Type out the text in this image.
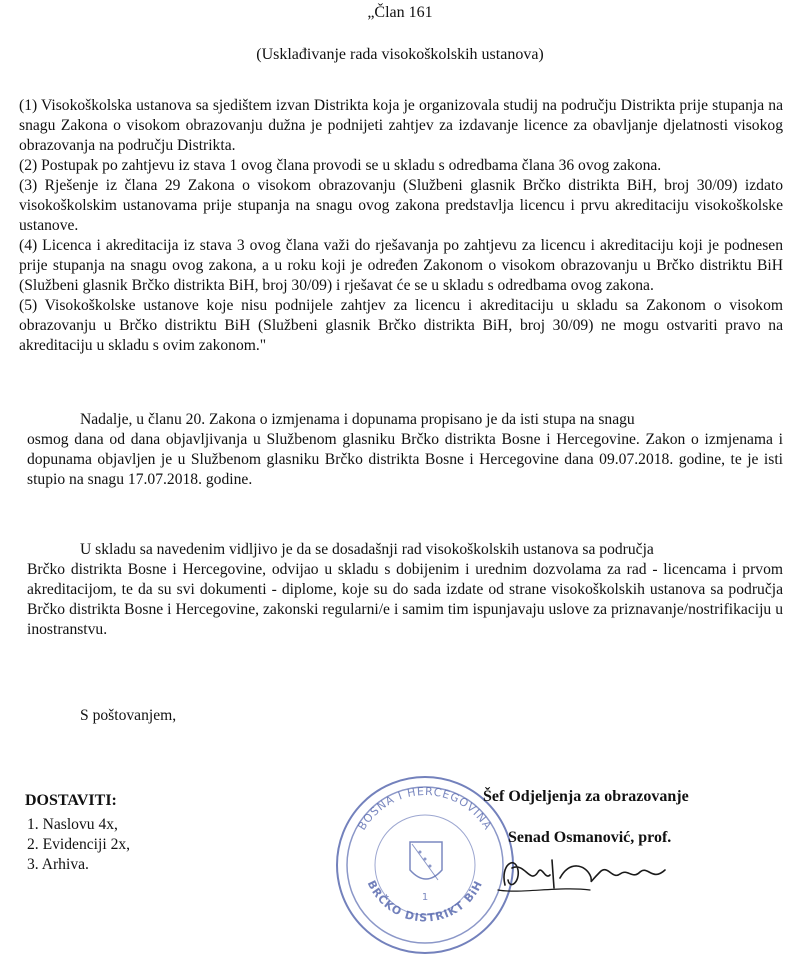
„Član 161
(Usklađivanje rada visokoškolskih ustanova)

(1) Visokoškolska ustanova sa sjedištem izvan Distrikta koja je organizovala studij na području Distrikta prije stupanja na snagu Zakona o visokom obrazovanju dužna je podnijeti zahtjev za izdavanje licence za obavljanje djelatnosti visokog obrazovanja na području Distrikta.

(2) Postupak po zahtjevu iz stava 1 ovog člana provodi se u skladu s odredbama člana 36 ovog zakona.

(3) Rješenje iz člana 29 Zakona o visokom obrazovanju (Službeni glasnik Brčko distrikta BiH, broj 30/09) izdato visokoškolskim ustanovama prije stupanja na snagu ovog zakona predstavlja licencu i prvu akreditaciju visokoškolske ustanove.

(4) Licenca i akreditacija iz stava 3 ovog člana važi do rješavanja po zahtjevu za licencu i akreditaciju koji je podnesen prije stupanja na snagu ovog zakona, a u roku koji je određen Zakonom o visokom obrazovanju u Brčko distriktu BiH (Službeni glasnik Brčko distrikta BiH, broj 30/09) i rješavat će se u skladu s odredbama ovog zakona.

(5) Visokoškolske ustanove koje nisu podnijele zahtjev za licencu i akreditaciju u skladu sa Zakonom o visokom obrazovanju u Brčko distriktu BiH (Službeni glasnik Brčko distrikta BiH, broj 30/09) ne mogu ostvariti pravo na akreditaciju u skladu s ovim zakonom."

Nadalje, u članu 20. Zakona o izmjenama i dopunama propisano je da isti stupa na snagu

osmog dana od dana objavljivanja u Službenom glasniku Brčko distrikta Bosne i Hercegovine. Zakon o izmjenama i dopunama objavljen je u Službenom glasniku Brčko distrikta Bosne i Hercegovine dana 09.07.2018. godine, te je isti stupio na snagu 17.07.2018. godine.

U skladu sa navedenim vidljivo je da se dosadašnji rad visokoškolskih ustanova sa područja

Brčko distrikta Bosne i Hercegovine, odvijao u skladu s dobijenim i urednim dozvolama za rad - licencama i prvom akreditacijom, te da su svi dokumenti - diplome, koje su do sada izdate od strane visokoškolskih ustanova sa područja Brčko distrikta Bosne i Hercegovine, zakonski regularni/e i samim tim ispunjavaju uslove za priznavanje/nostrifikaciju u inostranstvu.

S poštovanjem,
DOSTAVITI:
1. Naslovu 4x,
2. Evidenciji 2x,
3. Arhiva.
BOSNA I HERCEGOVINA
BRČKO DISTRIKT BiH
1
Šef Odjeljenja za obrazovanje
Senad Osmanović, prof.
